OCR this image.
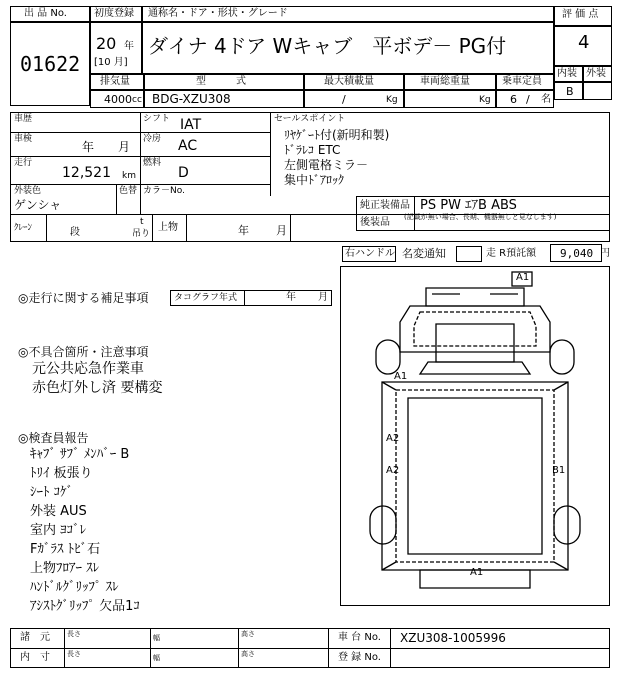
出 品 No.
01622
初度登録 通称名・ドア・形状・グレード
20 年
[10 月]
ダイナ 4ドア Wキャブ　平ボデ－ PG付
評 価 点
4
内装 外装
B
排気量	型　　　式	最大積載量	車両総重量	乗車定員
4000 cc BDG-XZU308	/	Kg	Kg 6 / 名
車歴	シフト IAT
車検
年 月
冷房 AC
走行
12,521 km
燃料
D
外装色
ゲンシャ
色替 カラ－No.
セールスポイント
ﾘﾔｹﾞｰﾄ付(新明和製)
ﾄﾞﾗﾚｺ ETC
左側電格ミラ－
集中ﾄﾞｱﾛｯｸ
純正装備品 PS PW ｴｱB ABS
後装品 (記載が無い場合、長期、機器無しと見なします)
ｸﾚｰﾝ	段
t
吊り
上物	年 月
右ハンドル 名変通知	走 R預託額 9,040 円
◎走行に関する補足事項	タコグラフ年式	年 月
◎不具合箇所・注意事項
元公共応急作業車
赤色灯外し済 要構変
◎検査員報告
ｷｬﾌﾞ ｻﾌﾞ ﾒﾝﾊﾞｰ B
ﾄﾘｲ 板張り
ｼｰﾄ ｺｹﾞ
外装 AUS
室内 ﾖｺﾞﾚ
Fｶﾞﾗｽ ﾄﾋﾞ石
上物ﾌﾛｱｰ ｽﾚ
ﾊﾝﾄﾞﾙｸﾞﾘｯﾌﾟ ｽﾚ
ｱｼｽﾄｸﾞﾘｯﾌﾟ 欠品1ｺ
A1
A1
A2
A2	B1
A1
諸　元
内　寸
長さ
長さ
幅
幅
高さ
高さ
車 台 No. XZU308-1005996
登 録 No.
